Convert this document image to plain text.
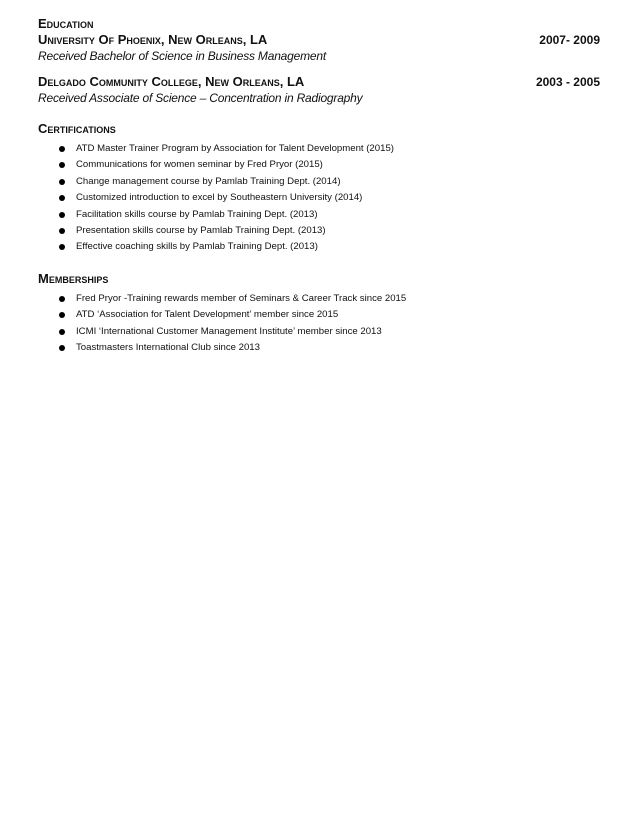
Education
University Of Phoenix, New Orleans, LA	2007- 2009
Received Bachelor of Science in Business Management
Delgado Community College, New Orleans, LA	2003 - 2005
Received Associate of Science – Concentration in Radiography
Certifications
ATD Master Trainer Program by Association for Talent Development (2015)
Communications for women seminar by Fred Pryor (2015)
Change management course by Pamlab Training Dept. (2014)
Customized introduction to excel by Southeastern University (2014)
Facilitation skills course by Pamlab Training Dept. (2013)
Presentation skills course by Pamlab Training Dept. (2013)
Effective coaching skills by Pamlab Training Dept. (2013)
Memberships
Fred Pryor -Training rewards member of Seminars & Career Track since 2015
ATD ‘Association for Talent Development’ member since 2015
ICMI ‘International Customer Management Institute’ member since 2013
Toastmasters International Club since 2013
